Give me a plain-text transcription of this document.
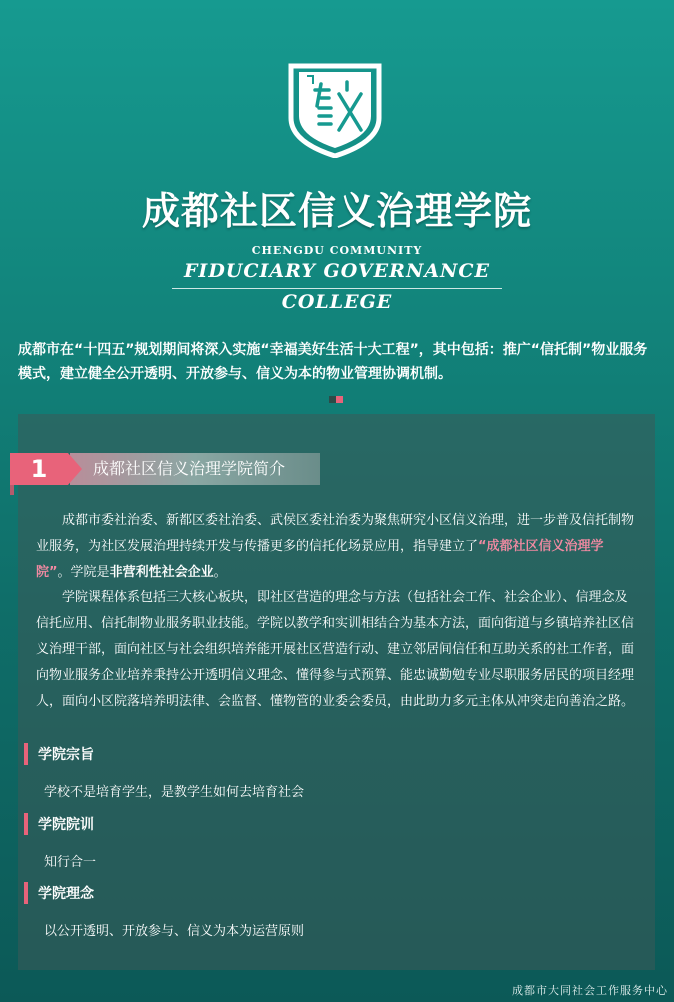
成都社区信义治理学院
CHENGDU COMMUNITY
FIDUCIARY GOVERNANCE
COLLEGE
成都市在“十四五”规划期间将深入实施“幸福美好生活十大工程”，其中包括：推广“信托制”物业服务模式，建立健全公开透明、开放参与、信义为本的物业管理协调机制。
1	成都社区信义治理学院简介
成都市委社治委、新都区委社治委、武侯区委社治委为聚焦研究小区信义治理，进一步普及信托制物业服务，为社区发展治理持续开发与传播更多的信托化场景应用，指导建立了“成都社区信义治理学院”。学院是非营利性社会企业。
学院课程体系包括三大核心板块，即社区营造的理念与方法（包括社会工作、社会企业）、信理念及信托应用、信托制物业服务职业技能。学院以教学和实训相结合为基本方法，面向街道与乡镇培养社区信义治理干部，面向社区与社会组织培养能开展社区营造行动、建立邻居间信任和互助关系的社工作者，面向物业服务企业培养秉持公开透明信义理念、懂得参与式预算、能忠诚勤勉专业尽职服务居民的项目经理人，面向小区院落培养明法律、会监督、懂物管的业委会委员，由此助力多元主体从冲突走向善治之路。
学院宗旨
学校不是培育学生，是教学生如何去培育社会
学院院训
知行合一
学院理念
以公开透明、开放参与、信义为本为运营原则
成都市大同社会工作服务中心
